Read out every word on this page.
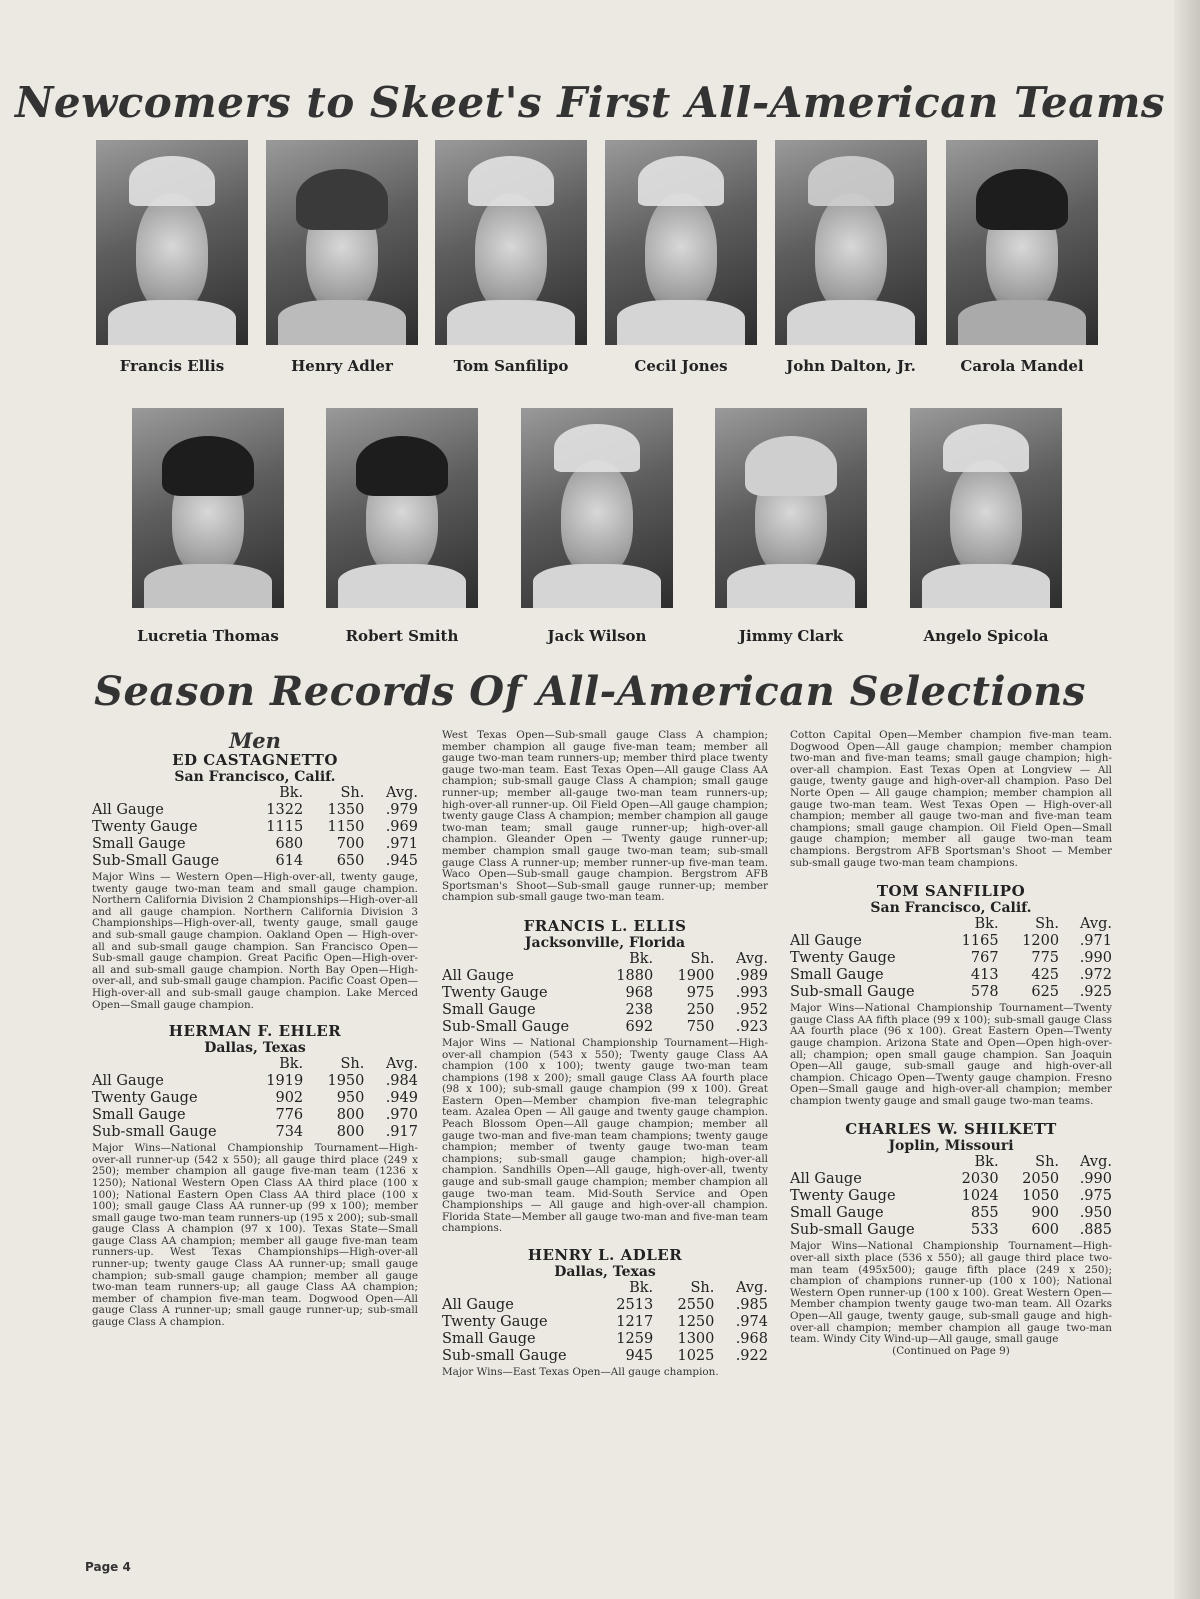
Newcomers to Skeet's First All-American Teams
Francis Ellis	Henry Adler	Tom Sanfilipo	Cecil Jones	John Dalton, Jr.	Carola Mandel
Lucretia Thomas	Robert Smith	Jack Wilson	Jimmy Clark	Angelo Spicola
Season Records Of All-American Selections
Men
ED CASTAGNETTO
San Francisco, Calif.
	Bk.	Sh.	Avg.
All Gauge	1322	1350	.979
Twenty Gauge	1115	1150	.969
Small Gauge	680	700	.971
Sub-Small Gauge	614	650	.945
Major Wins — Western Open—High-over-all, twenty gauge, twenty gauge two-man team and small gauge champion. Northern California Division 2 Championships—High-over-all and all gauge champion. Northern California Division 3 Championships—High-over-all, twenty gauge, small gauge and sub-small gauge champion. Oakland Open — High-over-all and sub-small gauge champion. San Francisco Open—Sub-small gauge champion. Great Pacific Open—High-over-all and sub-small gauge champion. North Bay Open—High-over-all, and sub-small gauge champion. Pacific Coast Open—High-over-all and sub-small gauge champion. Lake Merced Open—Small gauge champion.
HERMAN F. EHLER
Dallas, Texas
	Bk.	Sh.	Avg.
All Gauge	1919	1950	.984
Twenty Gauge	902	950	.949
Small Gauge	776	800	.970
Sub-small Gauge	734	800	.917
Major Wins—National Championship Tournament—High-over-all runner-up (542 x 550); all gauge third place (249 x 250); member champion all gauge five-man team (1236 x 1250); National Western Open Class AA third place (100 x 100); National Eastern Open Class AA third place (100 x 100); small gauge Class AA runner-up (99 x 100); member small gauge two-man team runners-up (195 x 200); sub-small gauge Class A champion (97 x 100). Texas State—Small gauge Class AA champion; member all gauge five-man team runners-up. West Texas Championships—High-over-all runner-up; twenty gauge Class AA runner-up; small gauge champion; sub-small gauge champion; member all gauge two-man team runners-up; all gauge Class AA champion; member of champion five-man team. Dogwood Open—All gauge Class A runner-up; small gauge runner-up; sub-small gauge Class A champion.
West Texas Open—Sub-small gauge Class A champion; member champion all gauge five-man team; member all gauge two-man team runners-up; member third place twenty gauge two-man team. East Texas Open—All gauge Class AA champion; sub-small gauge Class A champion; small gauge runner-up; member all-gauge two-man team runners-up; high-over-all runner-up. Oil Field Open—All gauge champion; twenty gauge Class A champion; member champion all gauge two-man team; small gauge runner-up; high-over-all champion. Gleander Open — Twenty gauge runner-up; member champion small gauge two-man team; sub-small gauge Class A runner-up; member runner-up five-man team. Waco Open—Sub-small gauge champion. Bergstrom AFB Sportsman's Shoot—Sub-small gauge runner-up; member champion sub-small gauge two-man team.
FRANCIS L. ELLIS
Jacksonville, Florida
	Bk.	Sh.	Avg.
All Gauge	1880	1900	.989
Twenty Gauge	968	975	.993
Small Gauge	238	250	.952
Sub-Small Gauge	692	750	.923
Major Wins — National Championship Tournament—High-over-all champion (543 x 550); Twenty gauge Class AA champion (100 x 100); twenty gauge two-man team champions (198 x 200); small gauge Class AA fourth place (98 x 100); sub-small gauge champion (99 x 100). Great Eastern Open—Member champion five-man telegraphic team. Azalea Open — All gauge and twenty gauge champion. Peach Blossom Open—All gauge champion; member all gauge two-man and five-man team champions; twenty gauge champion; member of twenty gauge two-man team champions; sub-small gauge champion; high-over-all champion. Sandhills Open—All gauge, high-over-all, twenty gauge and sub-small gauge champion; member champion all gauge two-man team. Mid-South Service and Open Championships — All gauge and high-over-all champion. Florida State—Member all gauge two-man and five-man team champions.
HENRY L. ADLER
Dallas, Texas
	Bk.	Sh.	Avg.
All Gauge	2513	2550	.985
Twenty Gauge	1217	1250	.974
Small Gauge	1259	1300	.968
Sub-small Gauge	945	1025	.922
Major Wins—East Texas Open—All gauge champion.
Cotton Capital Open—Member champion five-man team. Dogwood Open—All gauge champion; member champion two-man and five-man teams; small gauge champion; high-over-all champion. East Texas Open at Longview — All gauge, twenty gauge and high-over-all champion. Paso Del Norte Open — All gauge champion; member champion all gauge two-man team. West Texas Open — High-over-all champion; member all gauge two-man and five-man team champions; small gauge champion. Oil Field Open—Small gauge champion; member all gauge two-man team champions. Bergstrom AFB Sportsman's Shoot — Member sub-small gauge two-man team champions.
TOM SANFILIPO
San Francisco, Calif.
	Bk.	Sh.	Avg.
All Gauge	1165	1200	.971
Twenty Gauge	767	775	.990
Small Gauge	413	425	.972
Sub-small Gauge	578	625	.925
Major Wins—National Championship Tournament—Twenty gauge Class AA fifth place (99 x 100); sub-small gauge Class AA fourth place (96 x 100). Great Eastern Open—Twenty gauge champion. Arizona State and Open—Open high-over-all; champion; open small gauge champion. San Joaquin Open—All gauge, sub-small gauge and high-over-all champion. Chicago Open—Twenty gauge champion. Fresno Open—Small gauge and high-over-all champion; member champion twenty gauge and small gauge two-man teams.
CHARLES W. SHILKETT
Joplin, Missouri
	Bk.	Sh.	Avg.
All Gauge	2030	2050	.990
Twenty Gauge	1024	1050	.975
Small Gauge	855	900	.950
Sub-small Gauge	533	600	.885
Major Wins—National Championship Tournament—High-over-all sixth place (536 x 550); all gauge third place two-man team (495x500); gauge fifth place (249 x 250); champion of champions runner-up (100 x 100); National Western Open runner-up (100 x 100). Great Western Open—Member champion twenty gauge two-man team. All Ozarks Open—All gauge, twenty gauge, sub-small gauge and high-over-all champion; member champion all gauge two-man team. Windy City Wind-up—All gauge, small gauge
(Continued on Page 9)
Page 4
